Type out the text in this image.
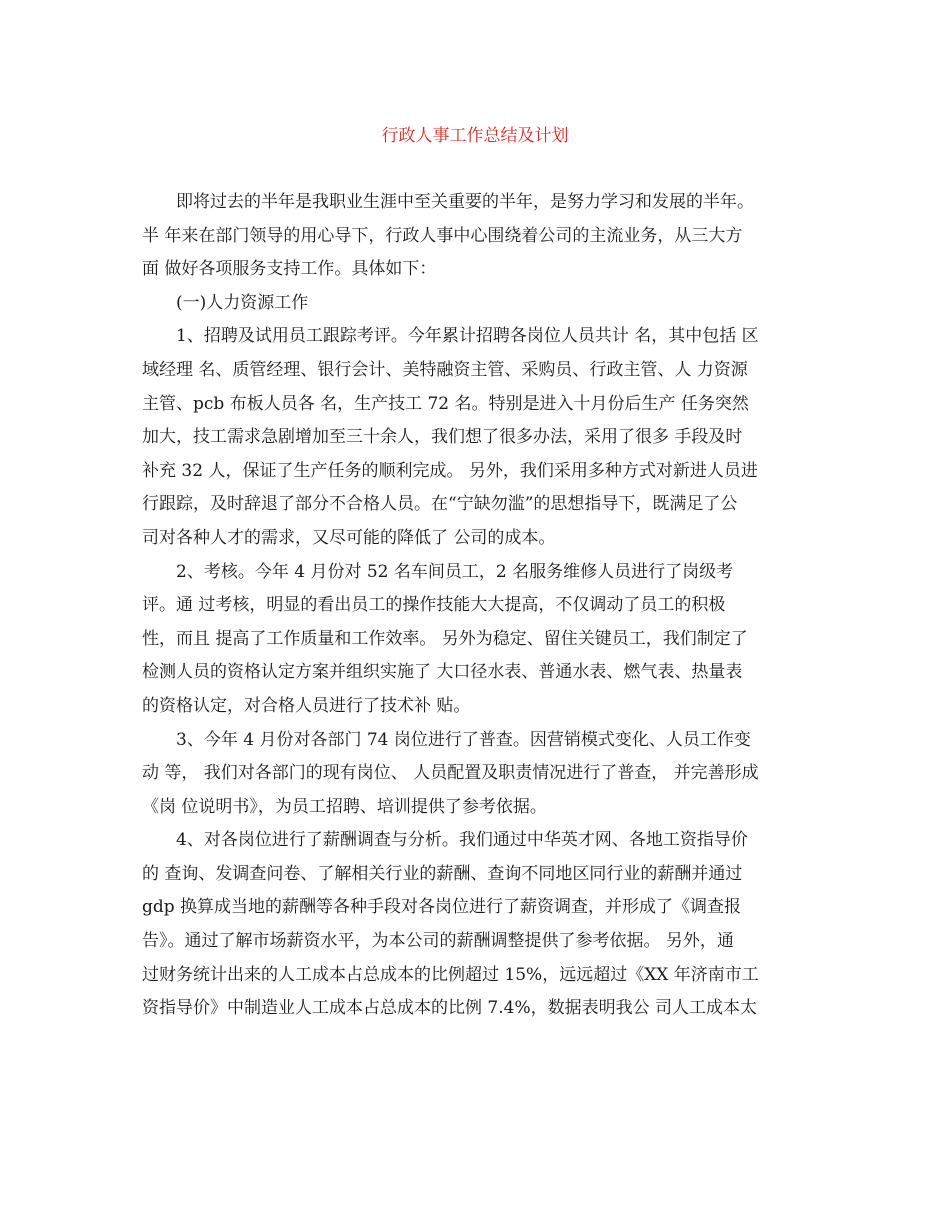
行政人事工作总结及计划
即将过去的半年是我职业生涯中至关重要的半年，是努力学习和发展的半年。
半 年来在部门领导的用心导下，行政人事中心围绕着公司的主流业务，从三大方
面 做好各项服务支持工作。具体如下：
(一)人力资源工作
1、招聘及试用员工跟踪考评。今年累计招聘各岗位人员共计 名，其中包括 区
域经理 名、质管经理、银行会计、美特融资主管、采购员、行政主管、人 力资源
主管、pcb 布板人员各 名，生产技工 72 名。特别是进入十月份后生产 任务突然
加大，技工需求急剧增加至三十余人，我们想了很多办法，采用了很多 手段及时
补充 32 人，保证了生产任务的顺利完成。 另外，我们采用多种方式对新进人员进
行跟踪，及时辞退了部分不合格人员。在“宁缺勿滥”的思想指导下，既满足了公
司对各种人才的需求，又尽可能的降低了 公司的成本。
2、考核。今年 4 月份对 52 名车间员工，2 名服务维修人员进行了岗级考
评。通 过考核，明显的看出员工的操作技能大大提高，不仅调动了员工的积极
性，而且 提高了工作质量和工作效率。 另外为稳定、留住关键员工，我们制定了
检测人员的资格认定方案并组织实施了 大口径水表、普通水表、燃气表、热量表
的资格认定，对合格人员进行了技术补 贴。
3、今年 4 月份对各部门 74 岗位进行了普查。因营销模式变化、人员工作变
动 等， 我们对各部门的现有岗位、 人员配置及职责情况进行了普查， 并完善形成
《岗 位说明书》，为员工招聘、培训提供了参考依据。
4、对各岗位进行了薪酬调查与分析。我们通过中华英才网、各地工资指导价
的 查询、发调查问卷、了解相关行业的薪酬、查询不同地区同行业的薪酬并通过
gdp 换算成当地的薪酬等各种手段对各岗位进行了薪资调查，并形成了《调查报
告》。通过了解市场薪资水平，为本公司的薪酬调整提供了参考依据。 另外，通
过财务统计出来的人工成本占总成本的比例超过 15%，远远超过《XX 年济南市工
资指导价》中制造业人工成本占总成本的比例 7.4%，数据表明我公 司人工成本太
